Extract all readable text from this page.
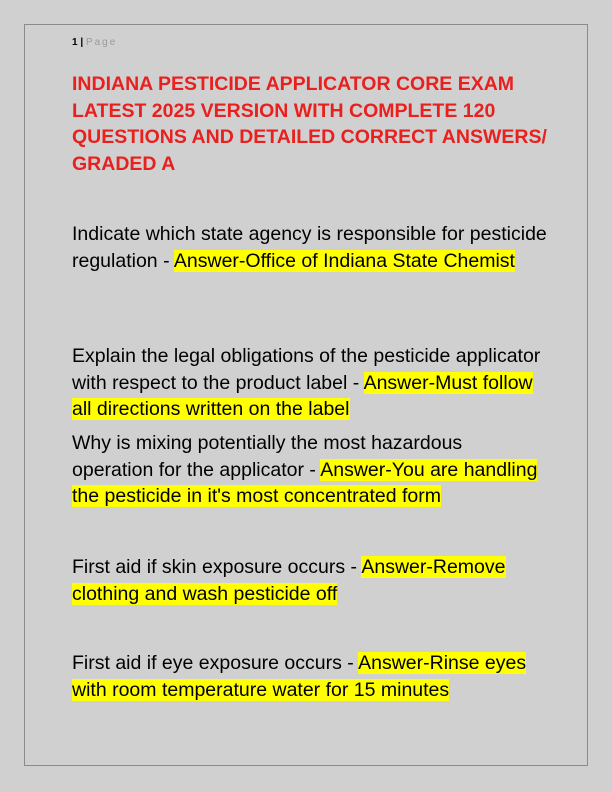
1 | Page
INDIANA PESTICIDE APPLICATOR CORE EXAM LATEST 2025 VERSION WITH COMPLETE 120 QUESTIONS AND DETAILED CORRECT ANSWERS/ GRADED A

Indicate which state agency is responsible for pesticide regulation - Answer-Office of Indiana State Chemist

Explain the legal obligations of the pesticide applicator with respect to the product label - Answer-Must follow all directions written on the label

Why is mixing potentially the most hazardous operation for the applicator - Answer-You are handling the pesticide in it's most concentrated form

First aid if skin exposure occurs - Answer-Remove clothing and wash pesticide off

First aid if eye exposure occurs - Answer-Rinse eyes with room temperature water for 15 minutes
